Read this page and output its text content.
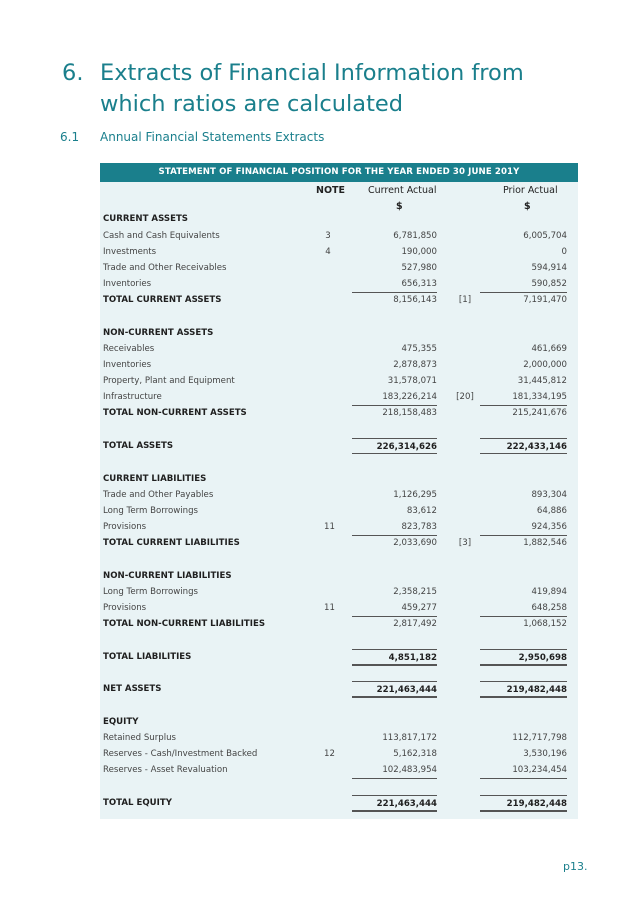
6. Extracts of Financial Information from
which ratios are calculated
6.1 Annual Financial Statements Extracts
STATEMENT OF FINANCIAL POSITION FOR THE YEAR ENDED 30 JUNE 201Y
NOTE Current Actual	Prior Actual
$	$
CURRENT ASSETS
Cash and Cash Equivalents	3	6,781,850	6,005,704
Investments	4	190,000	0
Trade and Other Receivables	527,980	594,914
Inventories	656,313	590,852
TOTAL CURRENT ASSETS	8,156,143	[1]	7,191,470
NON-CURRENT ASSETS
Receivables	475,355	461,669
Inventories	2,878,873	2,000,000
Property, Plant and Equipment	31,578,071	31,445,812
Infrastructure	183,226,214	[20]	181,334,195
TOTAL NON-CURRENT ASSETS	218,158,483	215,241,676
TOTAL ASSETS	226,314,626	222,433,146
CURRENT LIABILITIES
Trade and Other Payables	1,126,295	893,304
Long Term Borrowings	83,612	64,886
Provisions	11	823,783	924,356
TOTAL CURRENT LIABILITIES	2,033,690	[3]	1,882,546
NON-CURRENT LIABILITIES
Long Term Borrowings	2,358,215	419,894
Provisions	11	459,277	648,258
TOTAL NON-CURRENT LIABILITIES	2,817,492	1,068,152
TOTAL LIABILITIES	4,851,182	2,950,698
NET ASSETS	221,463,444	219,482,448
EQUITY
Retained Surplus	113,817,172	112,717,798
Reserves - Cash/Investment Backed	12	5,162,318	3,530,196
Reserves - Asset Revaluation	102,483,954	103,234,454
TOTAL EQUITY	221,463,444	219,482,448
p13.
